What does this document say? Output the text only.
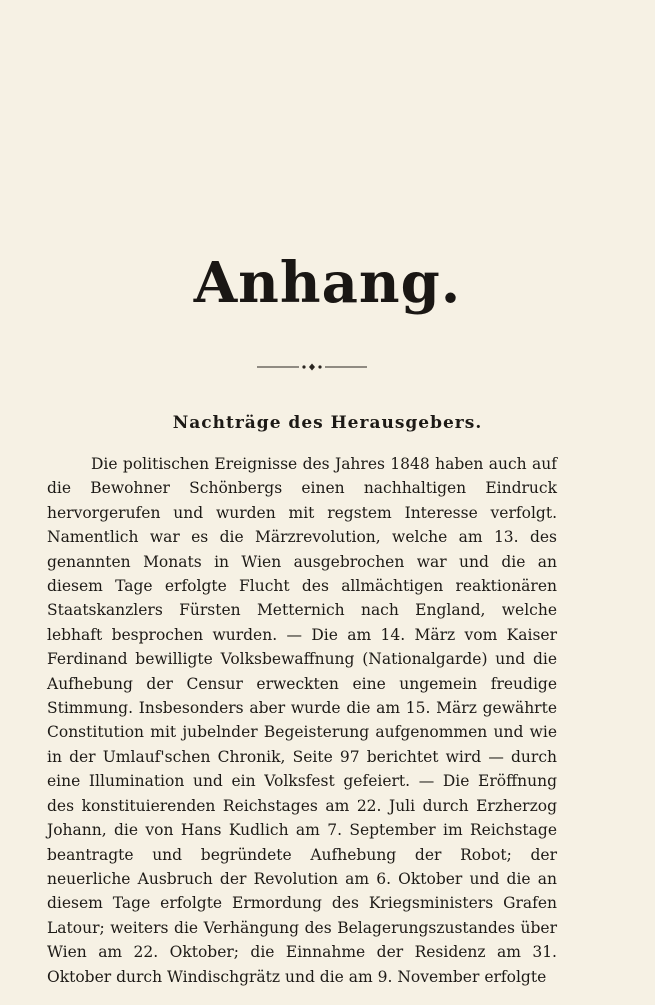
Anhang.
Nachträge des Herausgebers.

Die politischen Ereignisse des Jahres 1848 haben auch auf die Bewohner Schönbergs einen nachhaltigen Eindruck hervorgerufen und wurden mit regstem Interesse verfolgt. Namentlich war es die Märzrevolution, welche am 13. des genannten Monats in Wien ausgebrochen war und die an diesem Tage erfolgte Flucht des allmächtigen reaktionären Staatskanzlers Fürsten Metternich nach England, welche lebhaft besprochen wurden. — Die am 14. März vom Kaiser Ferdinand bewilligte Volksbewaffnung (Nationalgarde) und die Aufhebung der Censur erweckten eine ungemein freudige Stimmung. Insbesonders aber wurde die am 15. März gewährte Constitution mit jubelnder Begeisterung aufgenommen und wie in der Umlauf'schen Chronik, Seite 97 berichtet wird — durch eine Illumination und ein Volksfest gefeiert. — Die Eröffnung des konstituierenden Reichstages am 22. Juli durch Erzherzog Johann, die von Hans Kudlich am 7. September im Reichstage beantragte und begründete Aufhebung der Robot; der neuerliche Ausbruch der Revolution am 6. Oktober und die an diesem Tage erfolgte Ermordung des Kriegsministers Grafen Latour; weiters die Verhängung des Belagerungszustandes über Wien am 22. Oktober; die Einnahme der Residenz am 31. Oktober durch Windischgrätz und die am 9. November erfolgte
